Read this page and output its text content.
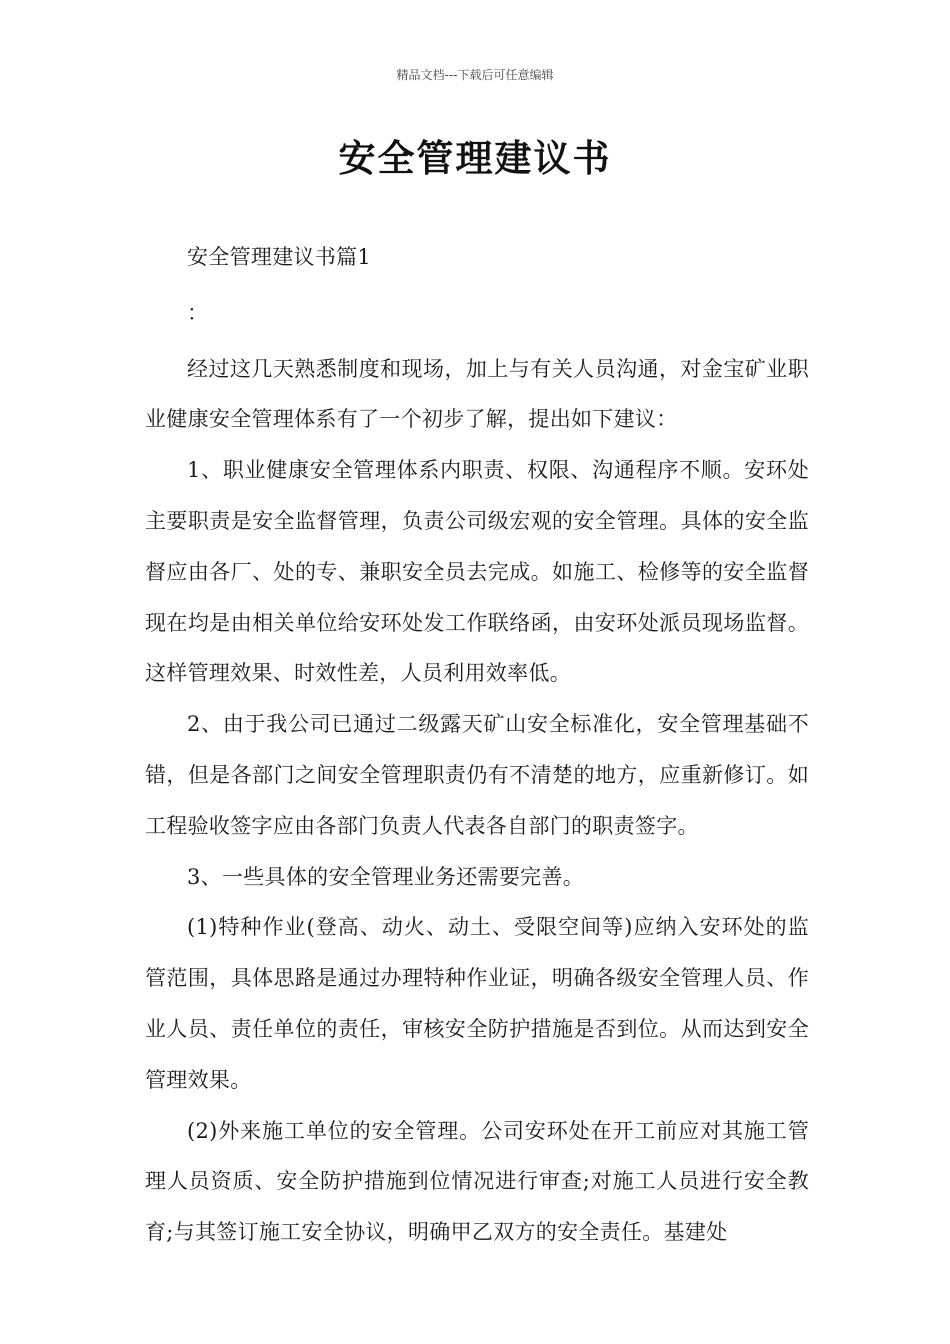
精品文档---下载后可任意编辑
安全管理建议书

安全管理建议书篇1

：

经过这几天熟悉制度和现场，加上与有关人员沟通，对金宝矿业职业健康安全管理体系有了一个初步了解，提出如下建议：

1、职业健康安全管理体系内职责、权限、沟通程序不顺。安环处主要职责是安全监督管理，负责公司级宏观的安全管理。具体的安全监督应由各厂、处的专、兼职安全员去完成。如施工、检修等的安全监督现在均是由相关单位给安环处发工作联络函，由安环处派员现场监督。这样管理效果、时效性差，人员利用效率低。

2、由于我公司已通过二级露天矿山安全标准化，安全管理基础不错，但是各部门之间安全管理职责仍有不清楚的地方，应重新修订。如工程验收签字应由各部门负责人代表各自部门的职责签字。

3、一些具体的安全管理业务还需要完善。

(1)特种作业(登高、动火、动土、受限空间等)应纳入安环处的监管范围，具体思路是通过办理特种作业证，明确各级安全管理人员、作业人员、责任单位的责任，审核安全防护措施是否到位。从而达到安全管理效果。

(2)外来施工单位的安全管理。公司安环处在开工前应对其施工管理人员资质、安全防护措施到位情况进行审查;对施工人员进行安全教育;与其签订施工安全协议，明确甲乙双方的安全责任。基建处
